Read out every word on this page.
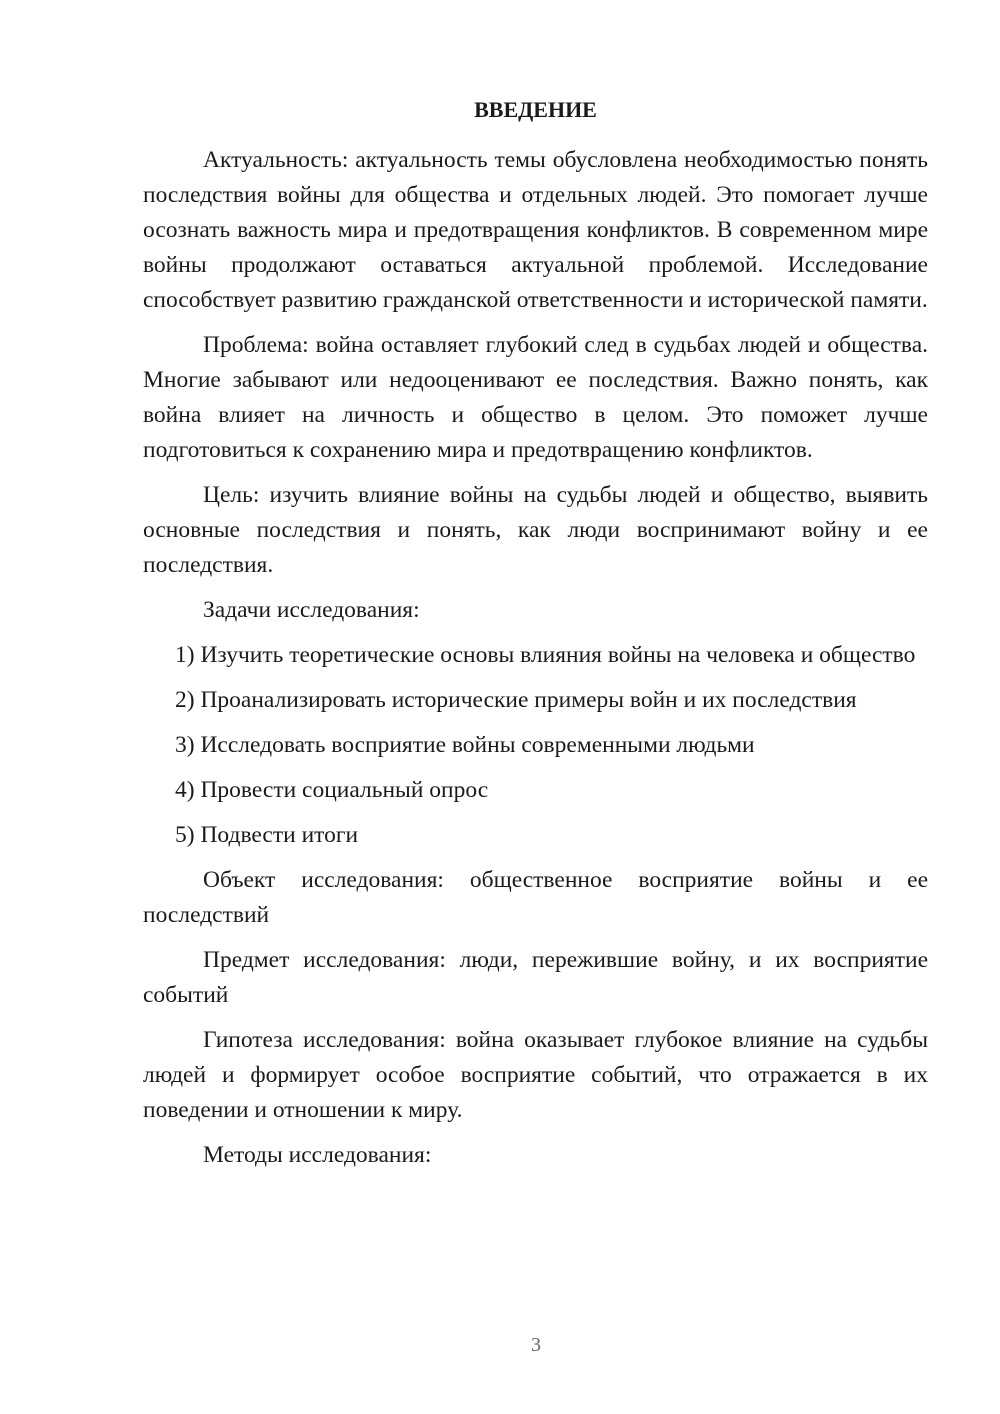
ВВЕДЕНИЕ

Актуальность: актуальность темы обусловлена необходимостью понять последствия войны для общества и отдельных людей. Это помогает лучше осознать важность мира и предотвращения конфликтов. В современном мире войны продолжают оставаться актуальной проблемой. Исследование способствует развитию гражданской ответственности и исторической памяти.

Проблема: война оставляет глубокий след в судьбах людей и общества. Многие забывают или недооценивают ее последствия. Важно понять, как война влияет на личность и общество в целом. Это поможет лучше подготовиться к сохранению мира и предотвращению конфликтов.

Цель: изучить влияние войны на судьбы людей и общество, выявить основные последствия и понять, как люди воспринимают войну и ее последствия.

Задачи исследования:

1) Изучить теоретические основы влияния войны на человека и общество

2) Проанализировать исторические примеры войн и их последствия

3) Исследовать восприятие войны современными людьми

4) Провести социальный опрос

5) Подвести итоги

Объект исследования: общественное восприятие войны и ее последствий

Предмет исследования: люди, пережившие войну, и их восприятие событий

Гипотеза исследования: война оказывает глубокое влияние на судьбы людей и формирует особое восприятие событий, что отражается в их поведении и отношении к миру.

Методы исследования:

3
